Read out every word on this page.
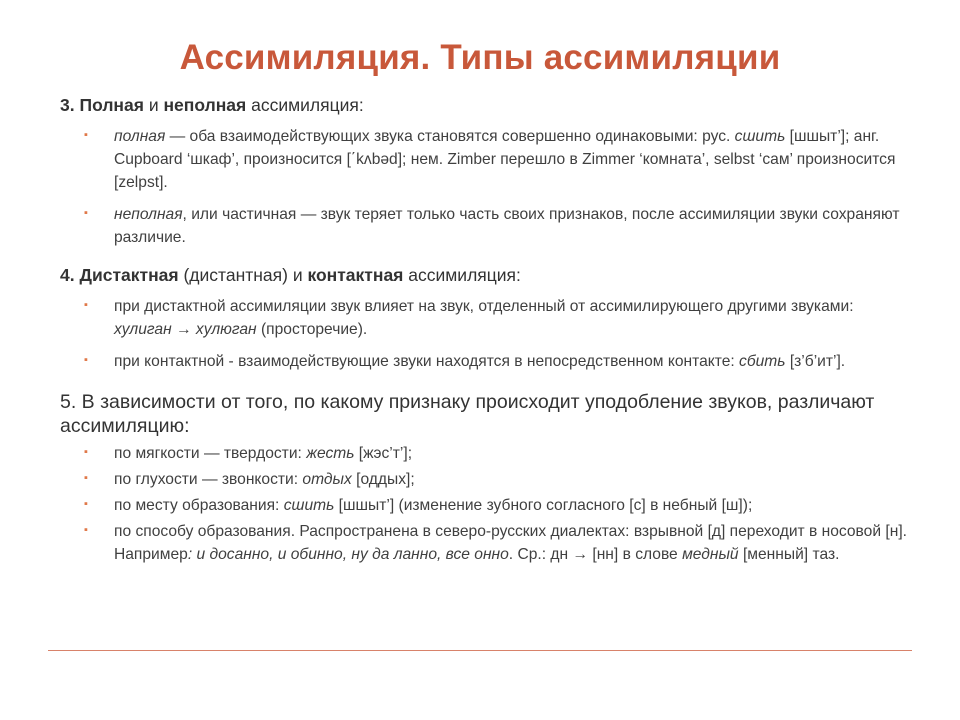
Ассимиляция. Типы ассимиляции

3. Полная и неполная ассимиляция:

▪ полная — оба взаимодействующих звука становятся совершенно одинаковыми: рус. сшить [шшыт’]; анг. Cupboard ‘шкаф’, произносится [΄kʌbəd]; нем. Zimber перешло в Zimmer ‘комната’, selbst ‘сам’ произносится [zelpst].
▪ неполная, или частичная — звук теряет только часть своих признаков, после ассимиляции звуки сохраняют различие.

4. Дистактная (дистантная) и контактная ассимиляция:

▪ при дистактной ассимиляции звук влияет на звук, отделенный от ассимилирующего другими звуками: хулиган → хулюган (просторечие).
▪ при контактной - взаимодействующие звуки находятся в непосредственном контакте: сбить [з’б’ит’].

5. В зависимости от того, по какому признаку происходит уподобление звуков, различают ассимиляцию:

▪ по мягкости — твердости: жесть [жэс’т’];
▪ по глухости — звонкости: отдых [оддых];
▪ по месту образования: сшить [шшыт’] (изменение зубного согласного [с] в небный [ш]);
▪ по способу образования. Распространена в северо-русских диалектах: взрывной [д] переходит в носовой [н]. Например: и досанно, и обинно, ну да ланно, все онно. Ср.: дн → [нн] в слове медный [менный] таз.
